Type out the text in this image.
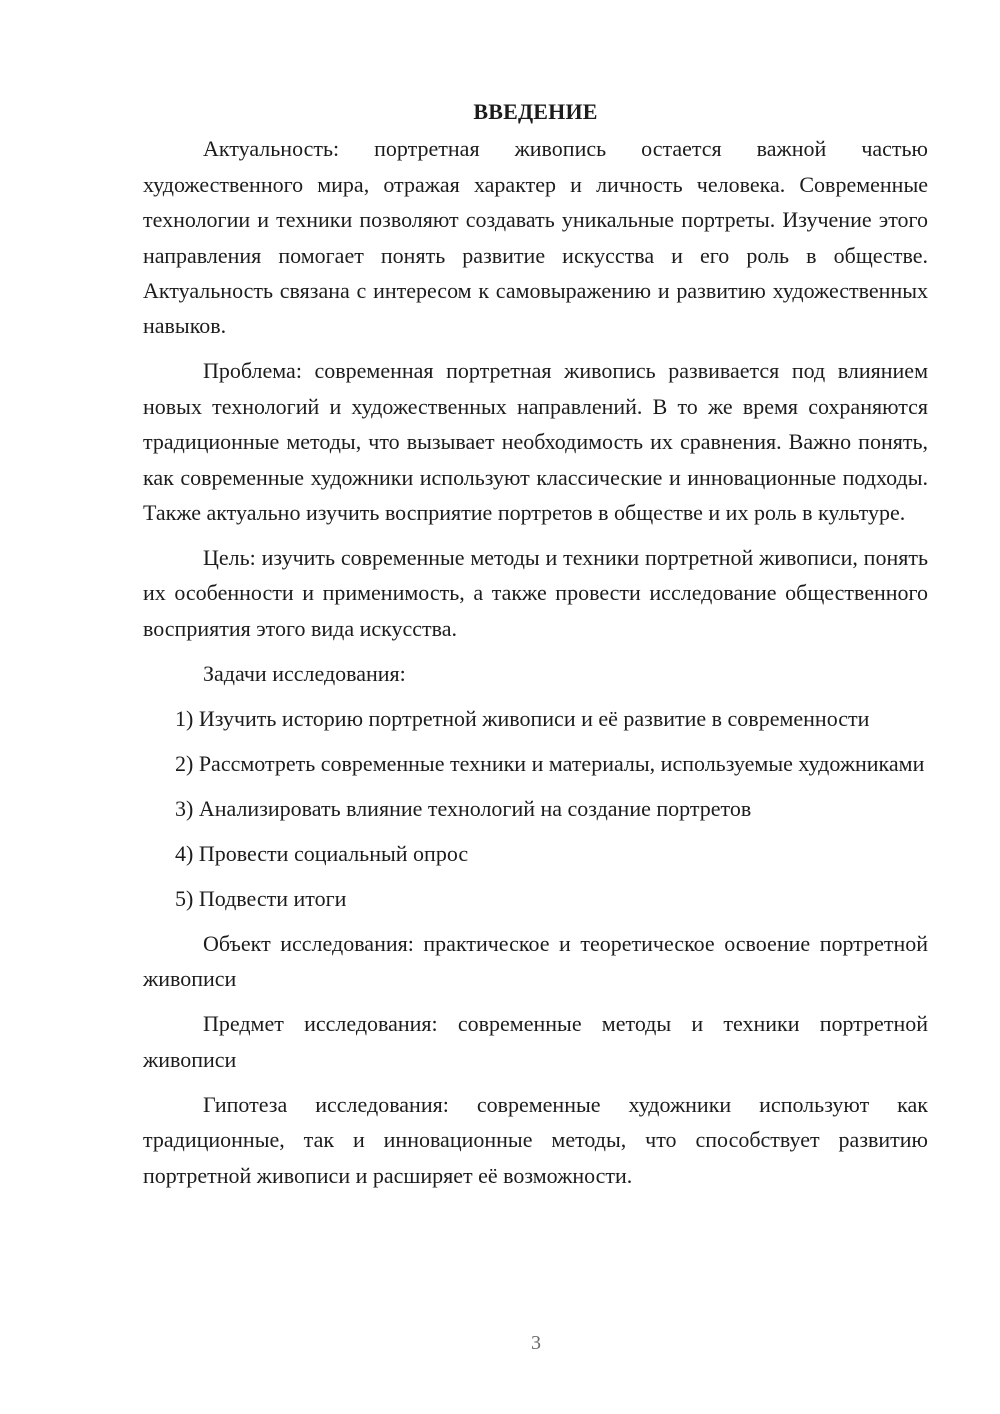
ВВЕДЕНИЕ

Актуальность: портретная живопись остается важной частью художественного мира, отражая характер и личность человека. Современные технологии и техники позволяют создавать уникальные портреты. Изучение этого направления помогает понять развитие искусства и его роль в обществе. Актуальность связана с интересом к самовыражению и развитию художественных навыков.

Проблема: современная портретная живопись развивается под влиянием новых технологий и художественных направлений. В то же время сохраняются традиционные методы, что вызывает необходимость их сравнения. Важно понять, как современные художники используют классические и инновационные подходы. Также актуально изучить восприятие портретов в обществе и их роль в культуре.

Цель: изучить современные методы и техники портретной живописи, понять их особенности и применимость, а также провести исследование общественного восприятия этого вида искусства.

Задачи исследования:

1) Изучить историю портретной живописи и её развитие в современности

2) Рассмотреть современные техники и материалы, используемые художниками

3) Анализировать влияние технологий на создание портретов

4) Провести социальный опрос

5) Подвести итоги

Объект исследования: практическое и теоретическое освоение портретной живописи

Предмет исследования: современные методы и техники портретной живописи

Гипотеза исследования: современные художники используют как традиционные, так и инновационные методы, что способствует развитию портретной живописи и расширяет её возможности.

3
